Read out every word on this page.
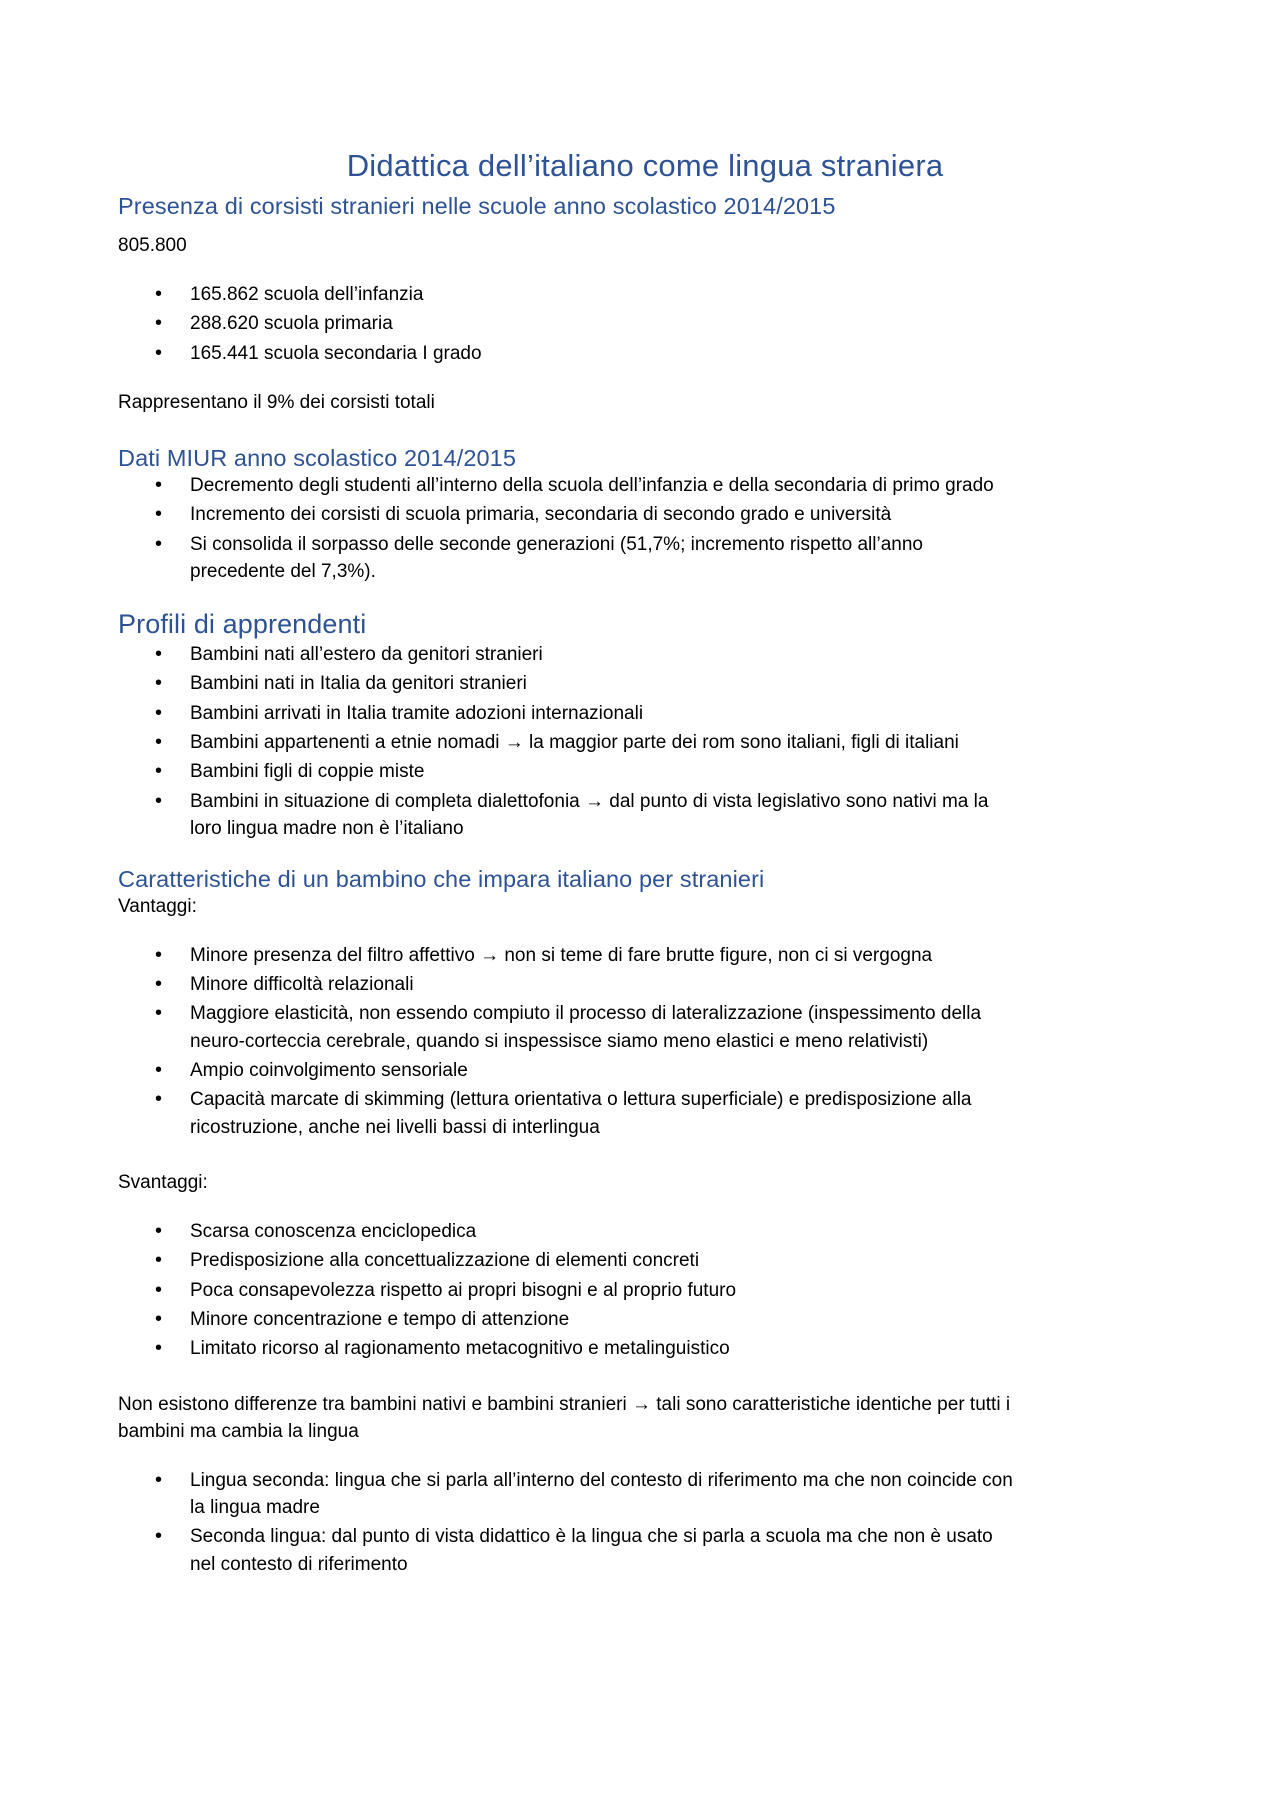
Didattica dell’italiano come lingua straniera
Presenza di corsisti stranieri nelle scuole anno scolastico 2014/2015

805.800

• 165.862 scuola dell’infanzia
• 288.620 scuola primaria
• 165.441 scuola secondaria I grado

Rappresentano il 9% dei corsisti totali

Dati MIUR anno scolastico 2014/2015
• Decremento degli studenti all’interno della scuola dell’infanzia e della secondaria di primo grado
• Incremento dei corsisti di scuola primaria, secondaria di secondo grado e università
• Si consolida il sorpasso delle seconde generazioni (51,7%; incremento rispetto all’anno precedente del 7,3%).
Profili di apprendenti
• Bambini nati all’estero da genitori stranieri
• Bambini nati in Italia da genitori stranieri
• Bambini arrivati in Italia tramite adozioni internazionali
• Bambini appartenenti a etnie nomadi → la maggior parte dei rom sono italiani, figli di italiani
• Bambini figli di coppie miste
• Bambini in situazione di completa dialettofonia → dal punto di vista legislativo sono nativi ma la loro lingua madre non è l’italiano
Caratteristiche di un bambino che impara italiano per stranieri

Vantaggi:

• Minore presenza del filtro affettivo → non si teme di fare brutte figure, non ci si vergogna
• Minore difficoltà relazionali
• Maggiore elasticità, non essendo compiuto il processo di lateralizzazione (inspessimento della neuro-corteccia cerebrale, quando si inspessisce siamo meno elastici e meno relativisti)
• Ampio coinvolgimento sensoriale
• Capacità marcate di skimming (lettura orientativa o lettura superficiale) e predisposizione alla ricostruzione, anche nei livelli bassi di interlingua

Svantaggi:

• Scarsa conoscenza enciclopedica
• Predisposizione alla concettualizzazione di elementi concreti
• Poca consapevolezza rispetto ai propri bisogni e al proprio futuro
• Minore concentrazione e tempo di attenzione
• Limitato ricorso al ragionamento metacognitivo e metalinguistico

Non esistono differenze tra bambini nativi e bambini stranieri → tali sono caratteristiche identiche per tutti i bambini ma cambia la lingua

• Lingua seconda: lingua che si parla all’interno del contesto di riferimento ma che non coincide con la lingua madre
• Seconda lingua: dal punto di vista didattico è la lingua che si parla a scuola ma che non è usato nel contesto di riferimento
